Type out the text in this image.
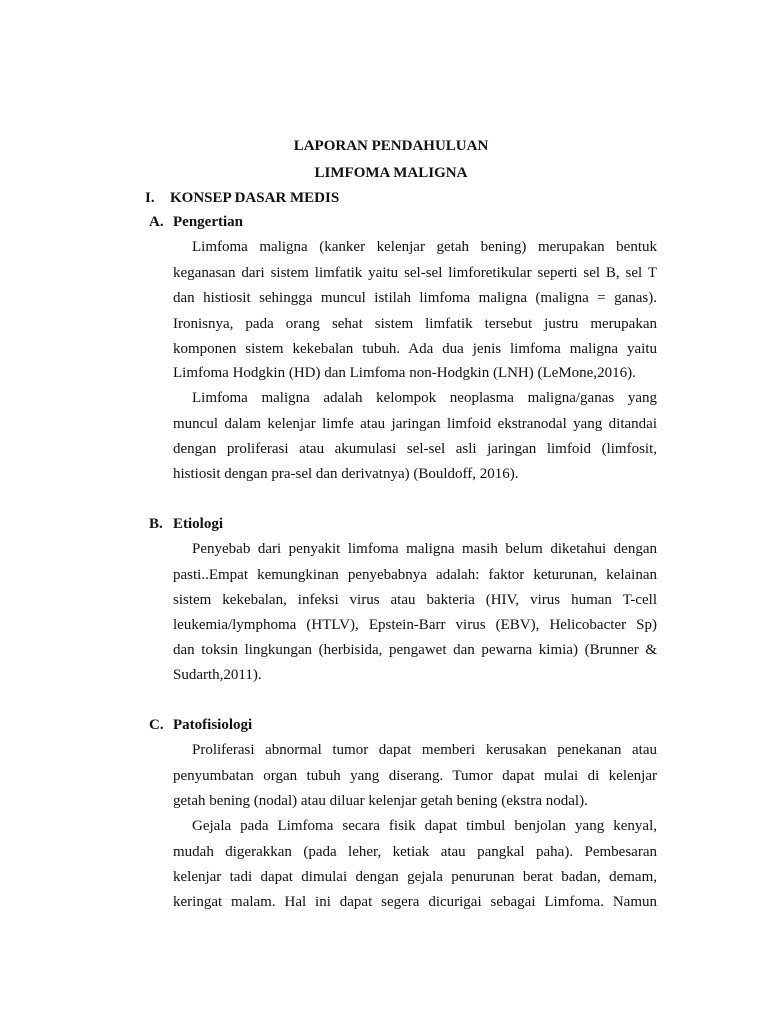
LAPORAN PENDAHULUAN
LIMFOMA MALIGNA
I. KONSEP DASAR MEDIS
A. Pengertian
Limfoma maligna (kanker kelenjar getah bening) merupakan bentuk
keganasan dari sistem limfatik yaitu sel-sel limforetikular seperti sel B, sel T
dan histiosit sehingga muncul istilah limfoma maligna (maligna = ganas).
Ironisnya, pada orang sehat sistem limfatik tersebut justru merupakan
komponen sistem kekebalan tubuh. Ada dua jenis limfoma maligna yaitu
Limfoma Hodgkin (HD) dan Limfoma non-Hodgkin (LNH) (LeMone,2016).
Limfoma maligna adalah kelompok neoplasma maligna/ganas yang
muncul dalam kelenjar limfe atau jaringan limfoid ekstranodal yang ditandai
dengan proliferasi atau akumulasi sel-sel asli jaringan limfoid (limfosit,
histiosit dengan pra-sel dan derivatnya) (Bouldoff, 2016).
B. Etiologi
Penyebab dari penyakit limfoma maligna masih belum diketahui dengan
pasti..Empat kemungkinan penyebabnya adalah: faktor keturunan, kelainan
sistem kekebalan, infeksi virus atau bakteria (HIV, virus human T-cell
leukemia/lymphoma (HTLV), Epstein-Barr virus (EBV), Helicobacter Sp)
dan toksin lingkungan (herbisida, pengawet dan pewarna kimia) (Brunner &
Sudarth,2011).
C. Patofisiologi
Proliferasi abnormal tumor dapat memberi kerusakan penekanan atau
penyumbatan organ tubuh yang diserang. Tumor dapat mulai di kelenjar
getah bening (nodal) atau diluar kelenjar getah bening (ekstra nodal).
Gejala pada Limfoma secara fisik dapat timbul benjolan yang kenyal,
mudah digerakkan (pada leher, ketiak atau pangkal paha). Pembesaran
kelenjar tadi dapat dimulai dengan gejala penurunan berat badan, demam,
keringat malam. Hal ini dapat segera dicurigai sebagai Limfoma. Namun
